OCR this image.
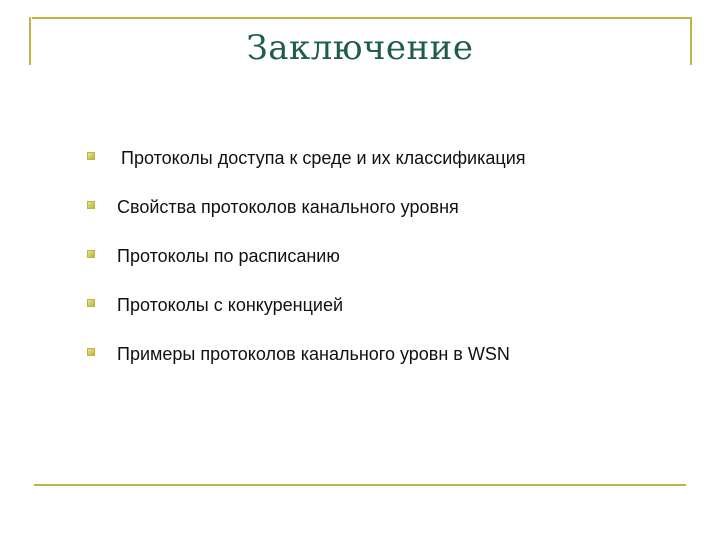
Заключение
Протоколы доступа к среде и их классификация
Свойства протоколов канального уровня
Протоколы по расписанию
Протоколы с конкуренцией
Примеры протоколов канального уровн в WSN
